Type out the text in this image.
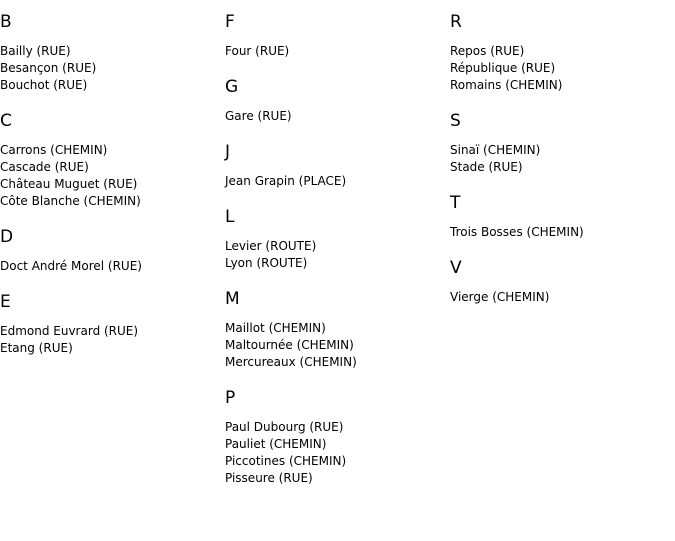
B
Bailly (RUE)
Besançon (RUE)
Bouchot (RUE)
C
Carrons (CHEMIN)
Cascade (RUE)
Château Muguet (RUE)
Côte Blanche (CHEMIN)
D
Doct André Morel (RUE)
E
Edmond Euvrard (RUE)
Etang (RUE)
F
Four (RUE)
G
Gare (RUE)
J
Jean Grapin (PLACE)
L
Levier (ROUTE)
Lyon (ROUTE)
M
Maillot (CHEMIN)
Maltournée (CHEMIN)
Mercureaux (CHEMIN)
P
Paul Dubourg (RUE)
Pauliet (CHEMIN)
Piccotines (CHEMIN)
Pisseure (RUE)
R
Repos (RUE)
République (RUE)
Romains (CHEMIN)
S
Sinaï (CHEMIN)
Stade (RUE)
T
Trois Bosses (CHEMIN)
V
Vierge (CHEMIN)
